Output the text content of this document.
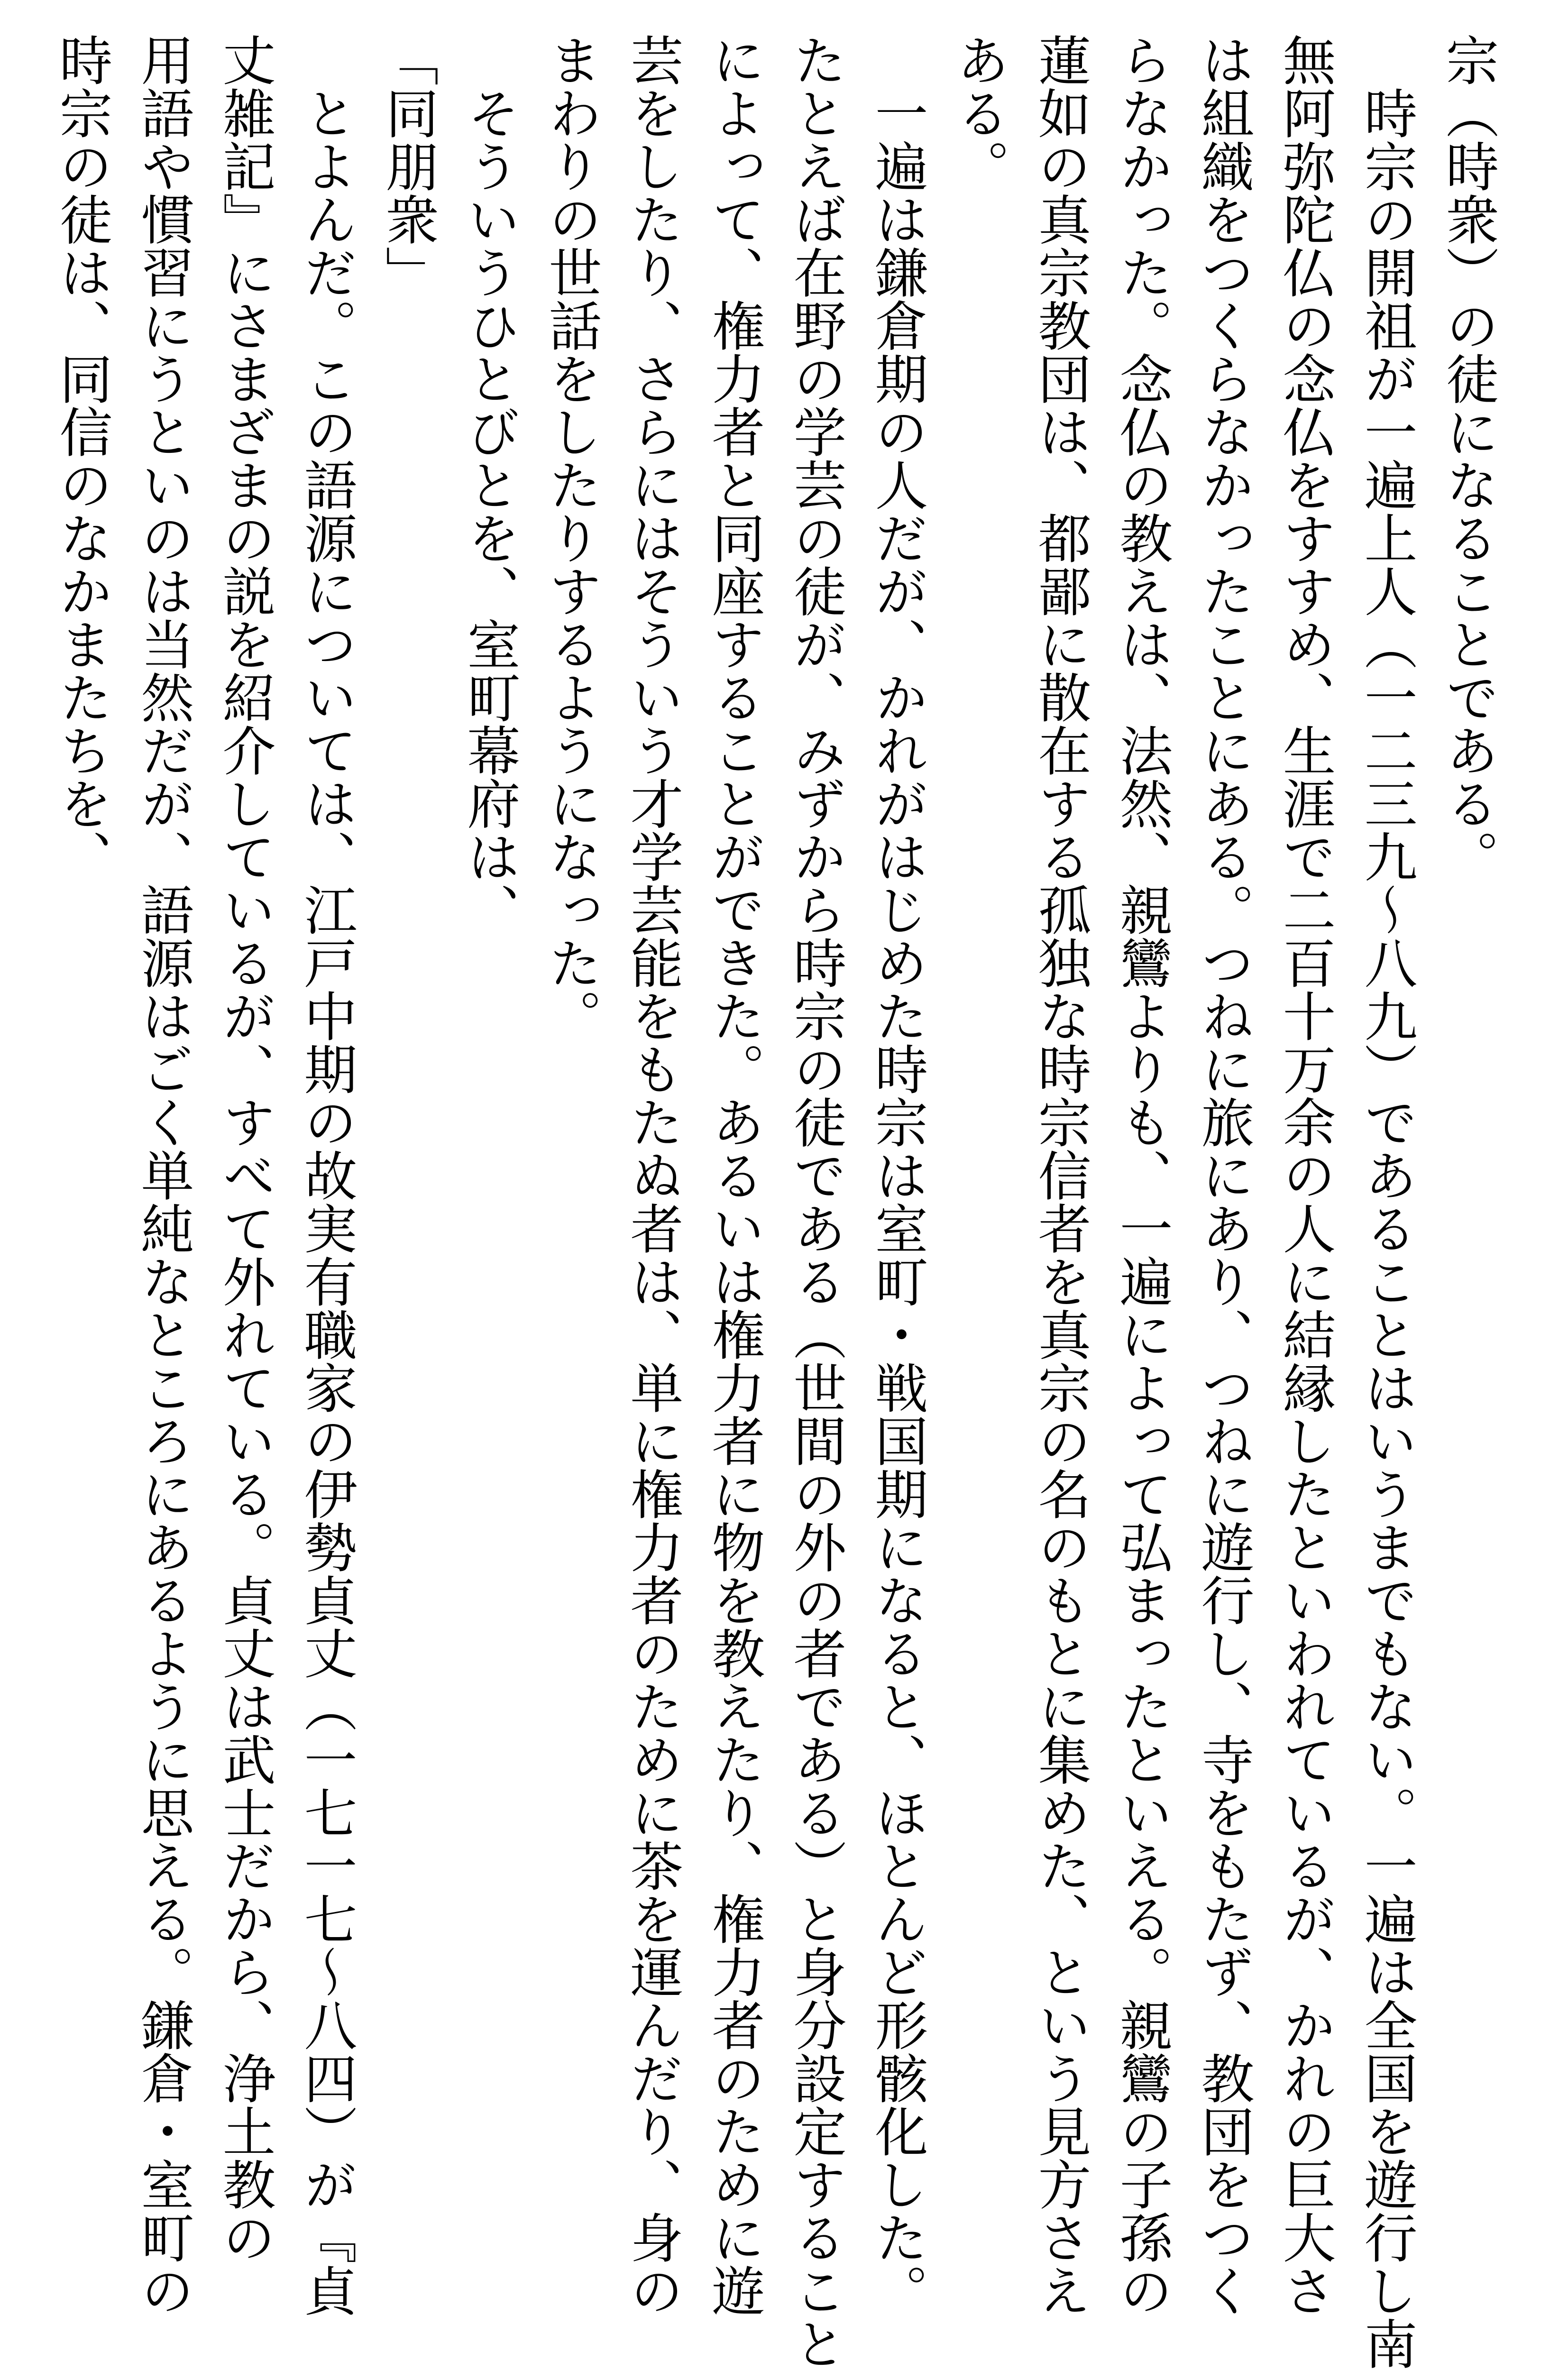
宗（時衆）の徒になることである。
時宗の開祖が一遍上人（一二三九～八九）であることはいうまでもない。一遍は全国を遊行し南
無阿弥陀仏の念仏をすすめ、生涯で二百十万余の人に結縁したといわれているが、かれの巨大さ
は組織をつくらなかったことにある。つねに旅にあり、つねに遊行し、寺をもたず、教団をつく
らなかった。念仏の教えは、法然、親鸞よりも、一遍によって弘まったといえる。親鸞の子孫の
蓮如の真宗教団は、都鄙に散在する孤独な時宗信者を真宗の名のもとに集めた、という見方さえ
ある。
一遍は鎌倉期の人だが、かれがはじめた時宗は室町・戦国期になると、ほとんど形骸化した。
たとえば在野の学芸の徒が、みずから時宗の徒である（世間の外の者である）と身分設定すること
によって、権力者と同座することができた。あるいは権力者に物を教えたり、権力者のために遊
芸をしたり、さらにはそういう才学芸能をもたぬ者は、単に権力者のために茶を運んだり、身の
まわりの世話をしたりするようになった。
そういうひとびとを、室町幕府は、
「同朋衆」
とよんだ。この語源については、江戸中期の故実有職家の伊勢貞丈（一七一七～八四）が『貞
丈雑記』にさまざまの説を紹介しているが、すべて外れている。貞丈は武士だから、浄土教の
用語や慣習にうといのは当然だが、語源はごく単純なところにあるように思える。鎌倉・室町の
時宗の徒は、同信のなかまたちを、
